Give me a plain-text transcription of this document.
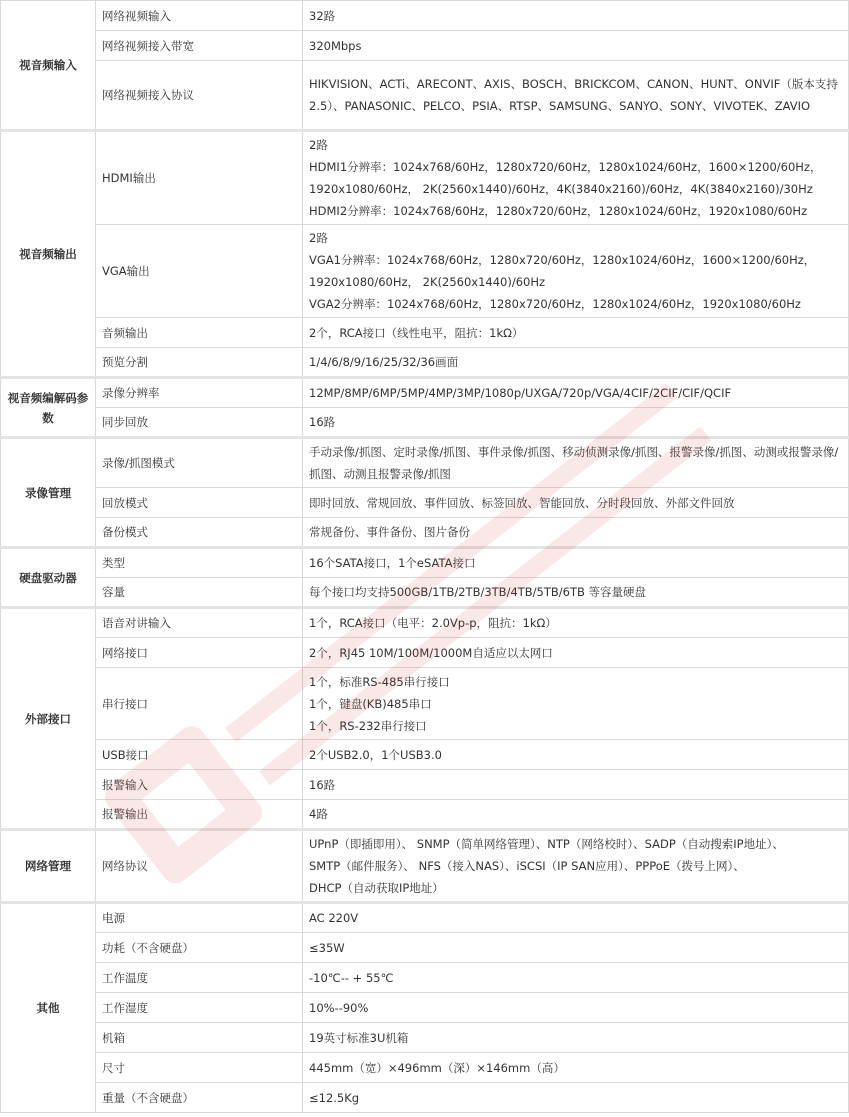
视音频输入	网络视频输入	32路
	网络视频接入带宽	320Mbps
	网络视频接入协议	HIKVISION、ACTi、ARECONT、AXIS、BOSCH、BRICKCOM、CANON、HUNT、ONVIF（版本支持2.5）、PANASONIC、PELCO、PSIA、RTSP、SAMSUNG、SANYO、SONY、VIVOTEK、ZAVIO
视音频输出	HDMI输出	2路
HDMI1分辨率：1024x768/60Hz，1280x720/60Hz，1280x1024/60Hz，1600×1200/60Hz，
1920x1080/60Hz， 2K(2560x1440)/60Hz，4K(3840x2160)/60Hz，4K(3840x2160)/30Hz
HDMI2分辨率：1024x768/60Hz，1280x720/60Hz，1280x1024/60Hz，1920x1080/60Hz

	VGA输出	2路
VGA1分辨率：1024x768/60Hz，1280x720/60Hz，1280x1024/60Hz，1600×1200/60Hz，
1920x1080/60Hz， 2K(2560x1440)/60Hz
VGA2分辨率：1024x768/60Hz，1280x720/60Hz，1280x1024/60Hz，1920x1080/60Hz

	音频输出	2个，RCA接口（线性电平，阻抗：1kΩ）
	预览分割	1/4/6/8/9/16/25/32/36画面
视音频编解码参数	录像分辨率	12MP/8MP/6MP/5MP/4MP/3MP/1080p/UXGA/720p/VGA/4CIF/2CIF/CIF/QCIF
	同步回放	16路
录像管理	录像/抓图模式	手动录像/抓图、定时录像/抓图、事件录像/抓图、移动侦测录像/抓图、报警录像/抓图、动测或报警录像/抓图、动测且报警录像/抓图
	回放模式	即时回放、常规回放、事件回放、标签回放、智能回放、分时段回放、外部文件回放
	备份模式	常规备份、事件备份、图片备份
硬盘驱动器	类型	16个SATA接口，1个eSATA接口
	容量	每个接口均支持500GB/1TB/2TB/3TB/4TB/5TB/6TB 等容量硬盘
外部接口	语音对讲输入	1个，RCA接口（电平：2.0Vp-p，阻抗：1kΩ）
	网络接口	2个，RJ45 10M/100M/1000M自适应以太网口
	串行接口	1个，标准RS-485串行接口
1个，键盘(KB)485串口
1个，RS-232串行接口

	USB接口	2个USB2.0，1个USB3.0
	报警输入	16路
	报警输出	4路
网络管理	网络协议	UPnP（即插即用）、 SNMP（简单网络管理）、NTP（网络校时）、SADP（自动搜索IP地址）、
SMTP（邮件服务）、 NFS（接入NAS）、iSCSI（IP SAN应用）、PPPoE（拨号上网）、
DHCP（自动获取IP地址）

其他	电源	AC 220V
	功耗（不含硬盘）	≤35W
	工作温度	-10℃-- + 55℃
	工作湿度	10%--90%
	机箱	19英寸标准3U机箱
	尺寸	445mm（宽）×496mm（深）×146mm（高）
	重量（不含硬盘）	≤12.5Kg
